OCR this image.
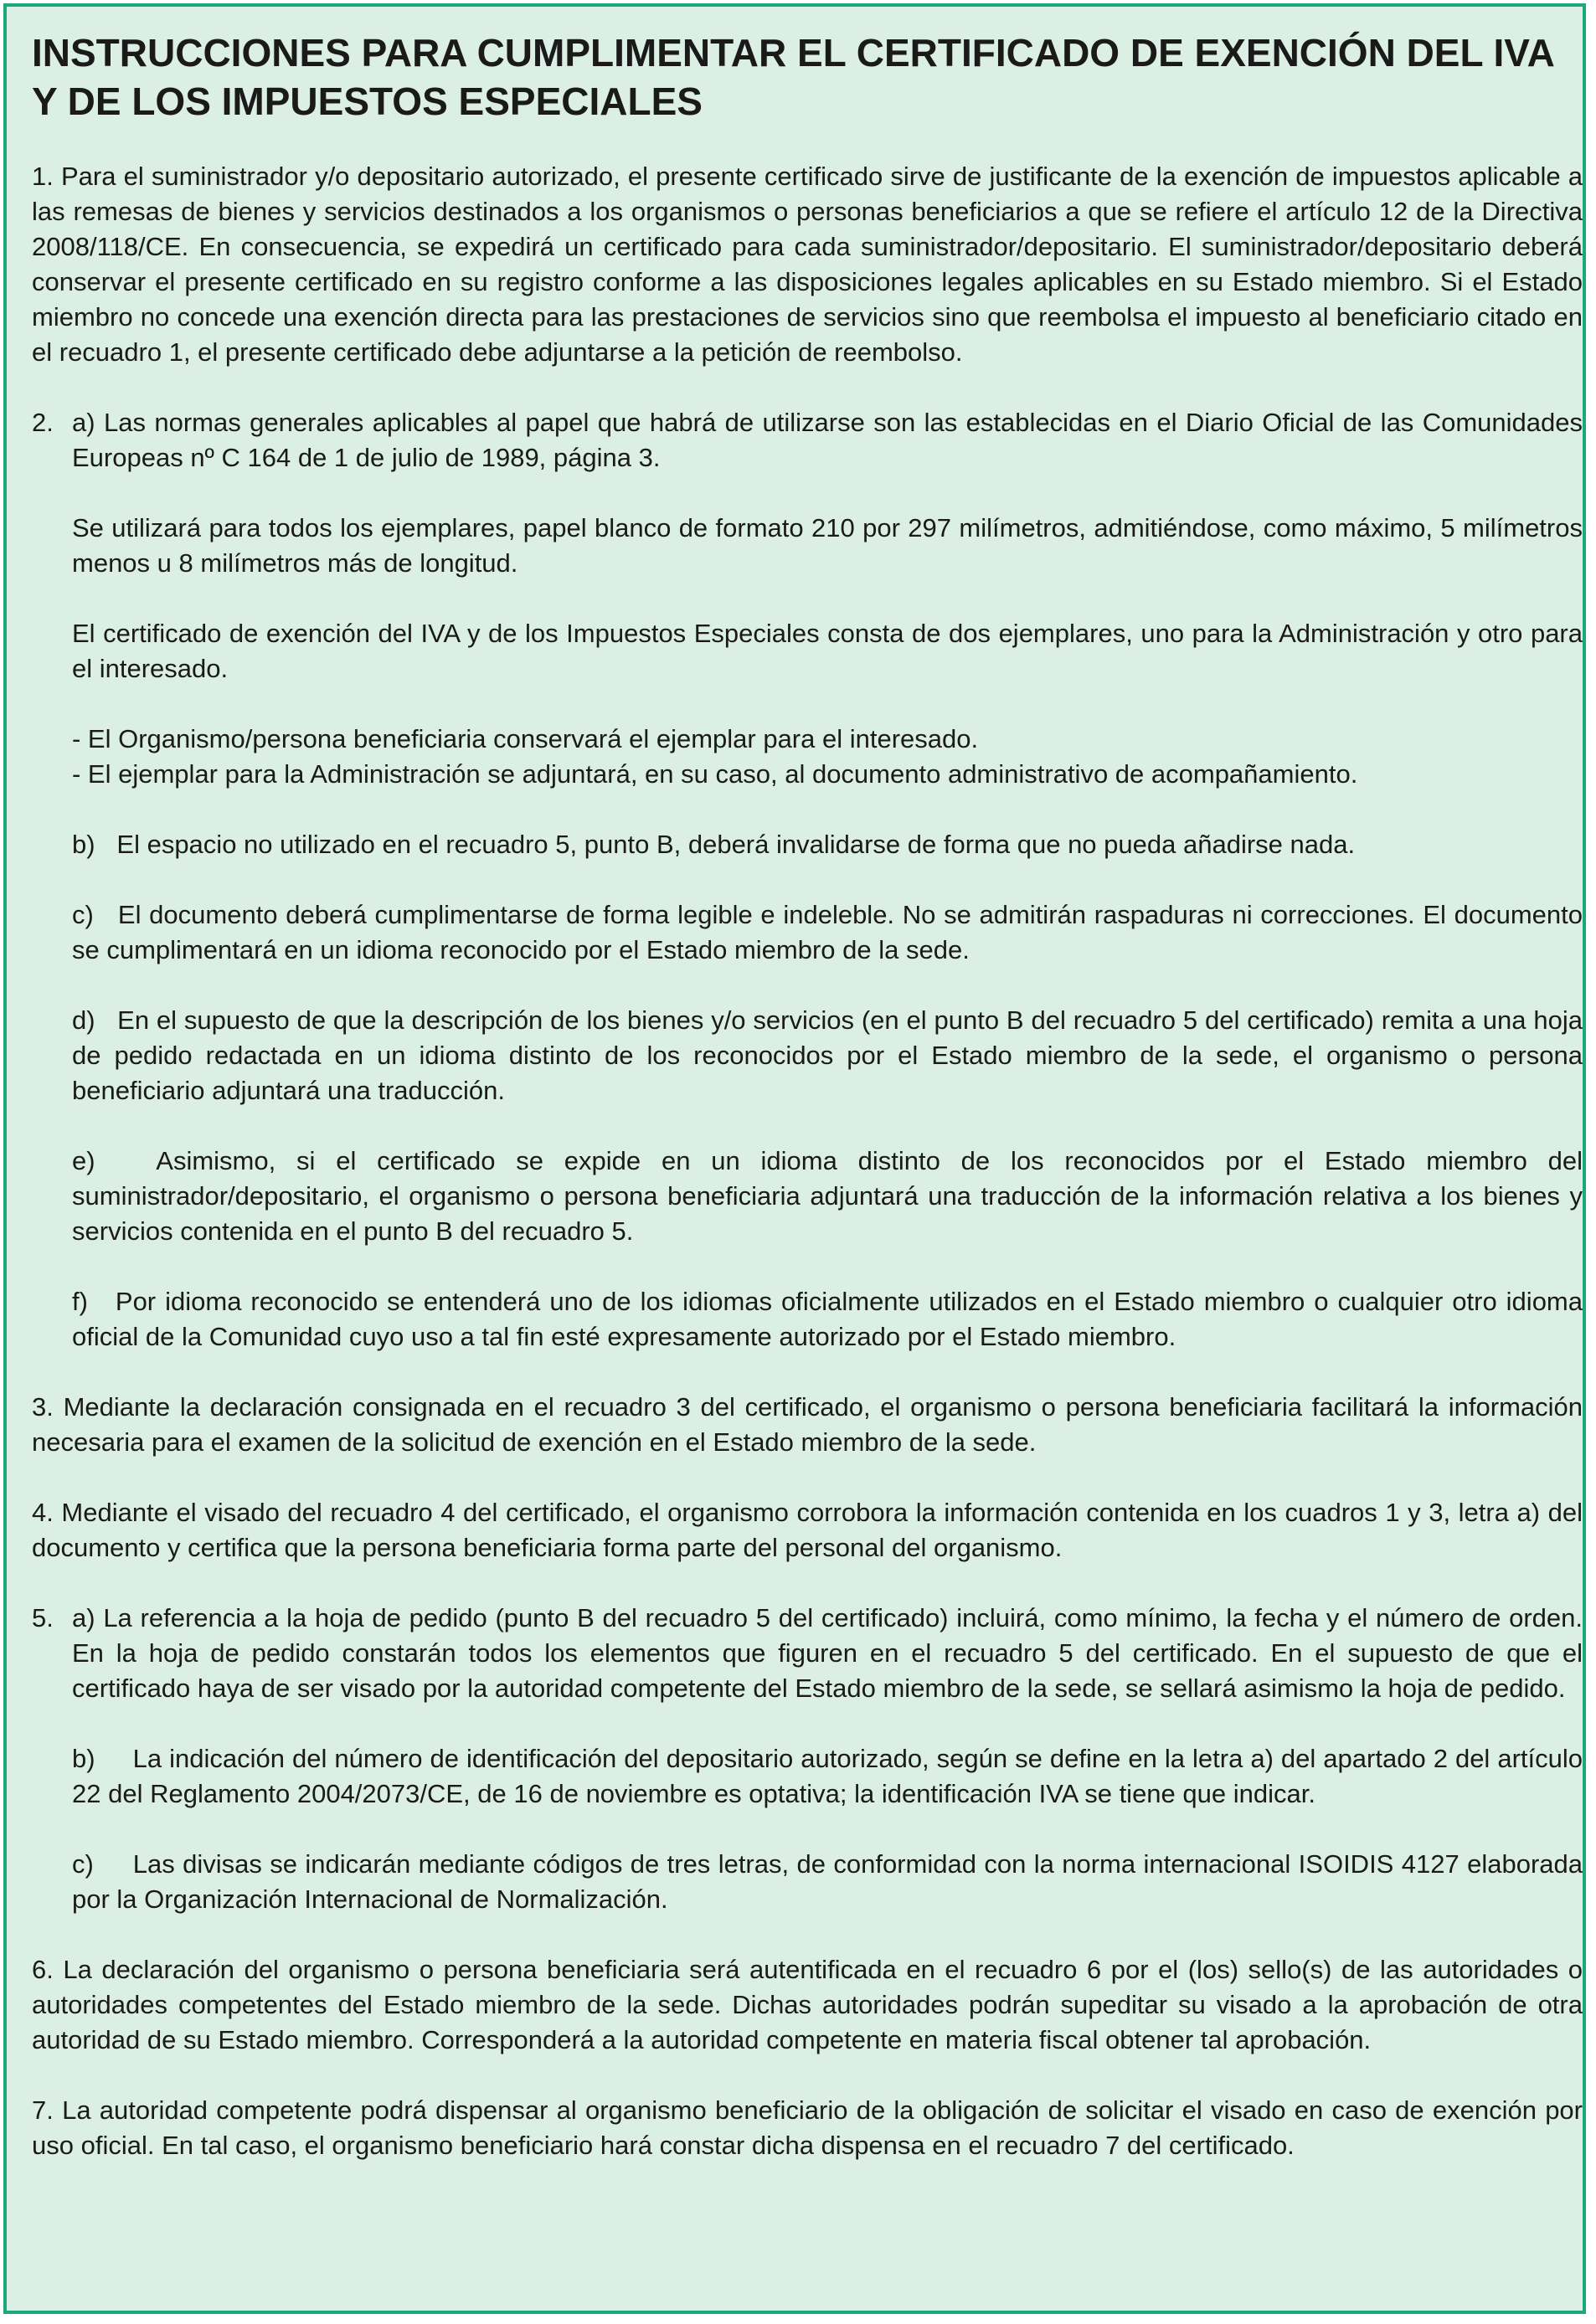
INSTRUCCIONES PARA CUMPLIMENTAR EL CERTIFICADO DE EXENCIÓN DEL IVA Y DE LOS IMPUESTOS ESPECIALES

1. Para el suministrador y/o depositario autorizado, el presente certificado sirve de justificante de la exención de impuestos aplicable a las remesas de bienes y servicios destinados a los organismos o personas beneficiarios a que se refiere el artículo 12 de la Directiva 2008/118/CE. En consecuencia, se expedirá un certificado para cada suministrador/depositario. El suministrador/depositario deberá conservar el presente certificado en su registro conforme a las disposiciones legales aplicables en su Estado miembro. Si el Estado miembro no concede una exención directa para las prestaciones de servicios sino que reembolsa el impuesto al beneficiario citado en el recuadro 1, el presente certificado debe adjuntarse a la petición de reembolso.

2. a) Las normas generales aplicables al papel que habrá de utilizarse son las establecidas en el Diario Oficial de las Comunidades Europeas nº C 164 de 1 de julio de 1989, página 3.

Se utilizará para todos los ejemplares, papel blanco de formato 210 por 297 milímetros, admitiéndose, como máximo, 5 milímetros menos u 8 milímetros más de longitud.

El certificado de exención del IVA y de los Impuestos Especiales consta de dos ejemplares, uno para la Administración y otro para el interesado.

- El Organismo/persona beneficiaria conservará el ejemplar para el interesado.

- El ejemplar para la Administración se adjuntará, en su caso, al documento administrativo de acompañamiento.

b)   El espacio no utilizado en el recuadro 5, punto B, deberá invalidarse de forma que no pueda añadirse nada.

c)   El documento deberá cumplimentarse de forma legible e indeleble. No se admitirán raspaduras ni correcciones. El documento se cumplimentará en un idioma reconocido por el Estado miembro de la sede.

d)   En el supuesto de que la descripción de los bienes y/o servicios (en el punto B del recuadro 5 del certificado) remita a una hoja de pedido redactada en un idioma distinto de los reconocidos por el Estado miembro de la sede, el organismo o persona beneficiario adjuntará una traducción.

e)   Asimismo, si el certificado se expide en un idioma distinto de los reconocidos por el Estado miembro del suministrador/depositario, el organismo o persona beneficiaria adjuntará una traducción de la información relativa a los bienes y servicios contenida en el punto B del recuadro 5.

f)   Por idioma reconocido se entenderá uno de los idiomas oficialmente utilizados en el Estado miembro o cualquier otro idioma oficial de la Comunidad cuyo uso a tal fin esté expresamente autorizado por el Estado miembro.

3. Mediante la declaración consignada en el recuadro 3 del certificado, el organismo o persona beneficiaria facilitará la información necesaria para el examen de la solicitud de exención en el Estado miembro de la sede.

4. Mediante el visado del recuadro 4 del certificado, el organismo corrobora la información contenida en los cuadros 1 y 3, letra a) del documento y certifica que la persona beneficiaria forma parte del personal del organismo.

5. a) La referencia a la hoja de pedido (punto B del recuadro 5 del certificado) incluirá, como mínimo, la fecha y el número de orden. En la hoja de pedido constarán todos los elementos que figuren en el recuadro 5 del certificado. En el supuesto de que el certificado haya de ser visado por la autoridad competente del Estado miembro de la sede, se sellará asimismo la hoja de pedido.

b)     La indicación del número de identificación del depositario autorizado, según se define en la letra a) del apartado 2 del artículo 22 del Reglamento 2004/2073/CE, de 16 de noviembre es optativa; la identificación IVA se tiene que indicar.

c)     Las divisas se indicarán mediante códigos de tres letras, de conformidad con la norma internacional ISOIDIS 4127 elaborada por la Organización Internacional de Normalización.

6. La declaración del organismo o persona beneficiaria será autentificada en el recuadro 6 por el (los) sello(s) de las autoridades o autoridades competentes del Estado miembro de la sede. Dichas autoridades podrán supeditar su visado a la aprobación de otra autoridad de su Estado miembro. Corresponderá a la autoridad competente en materia fiscal obtener tal aprobación.

7. La autoridad competente podrá dispensar al organismo beneficiario de la obligación de solicitar el visado en caso de exención por uso oficial. En tal caso, el organismo beneficiario hará constar dicha dispensa en el recuadro 7 del certificado.
